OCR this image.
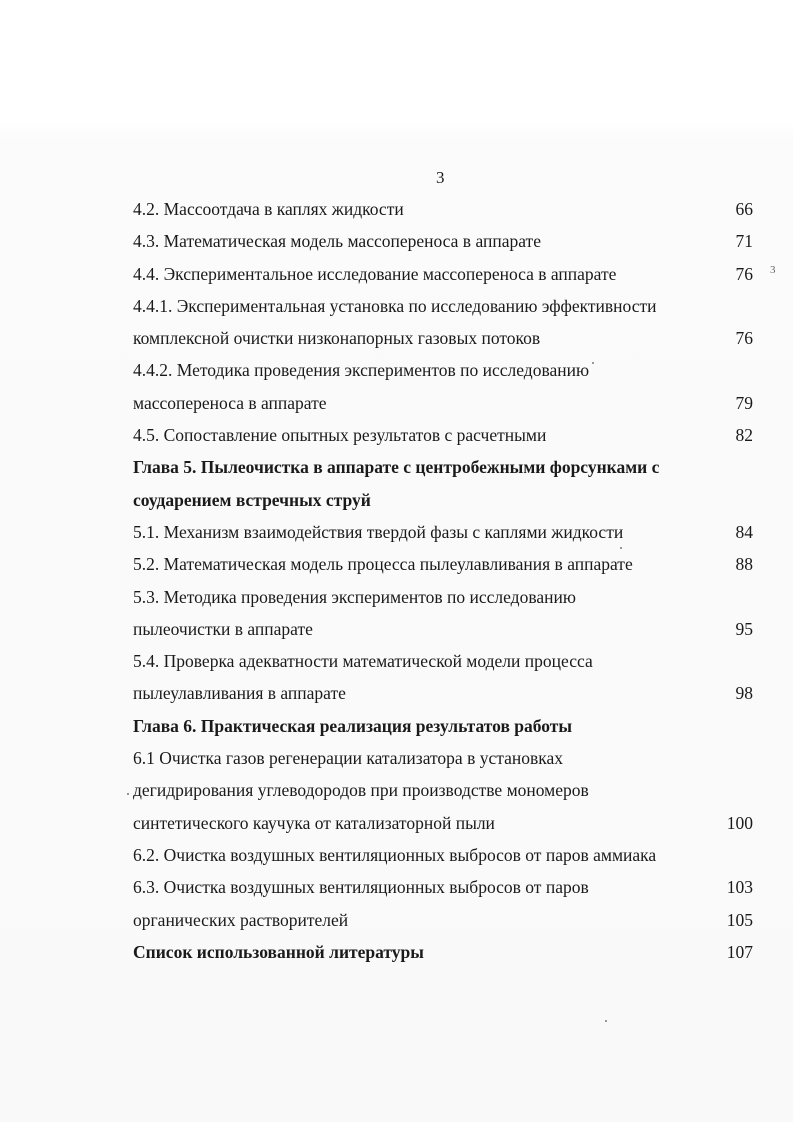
3
3
4.2. Массоотдача в каплях жидкости	66
4.3. Математическая модель массопереноса в аппарате	71
4.4. Экспериментальное исследование массопереноса в аппарате	76
4.4.1. Экспериментальная установка по исследованию эффективности
комплексной очистки низконапорных газовых потоков	76
4.4.2. Методика проведения экспериментов по исследованию
массопереноса в аппарате	79
4.5. Сопоставление опытных результатов с расчетными	82
Глава 5. Пылеочистка в аппарате с центробежными форсунками с
соударением встречных струй
5.1. Механизм взаимодействия твердой фазы с каплями жидкости	84
5.2. Математическая модель процесса пылеулавливания в аппарате	88
5.3. Методика проведения экспериментов по исследованию
пылеочистки в аппарате	95
5.4. Проверка адекватности математической модели процесса
пылеулавливания в аппарате	98
Глава 6. Практическая реализация результатов работы
6.1 Очистка газов регенерации катализатора в установках
дегидрирования углеводородов при производстве мономеров
синтетического каучука от катализаторной пыли	100
6.2. Очистка воздушных вентиляционных выбросов от паров аммиака
6.3. Очистка воздушных вентиляционных выбросов от паров	103
органических растворителей	105
Список использованной литературы	107
